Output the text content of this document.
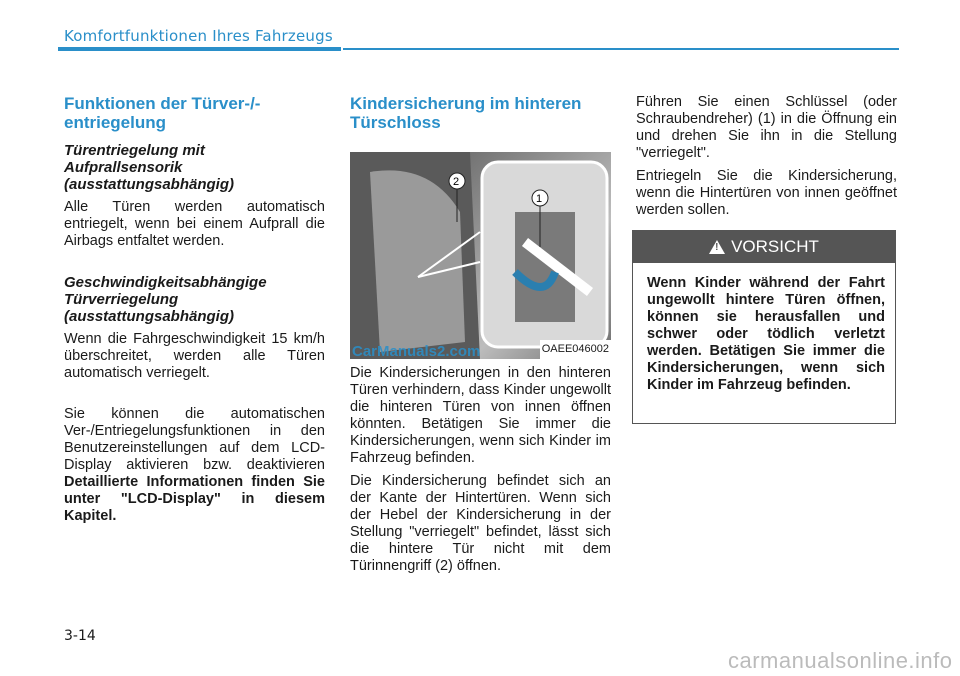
Komfortfunktionen Ihres Fahrzeugs
Funktionen der Türver-/-entriegelung
Türentriegelung mit Aufprallsensorik (ausstattungsabhängig)

Alle Türen werden automatisch entriegelt, wenn bei einem Aufprall die Airbags entfaltet werden.

Geschwindigkeitsabhängige Türverriegelung (ausstattungsabhängig)

Wenn die Fahrgeschwindigkeit 15 km/h überschreitet, werden alle Türen automatisch verriegelt.

Sie können die automatischen Ver-/Entriegelungsfunktionen in den Benutzereinstellungen auf dem LCD-Display aktivieren bzw. deaktivieren Detaillierte Informationen finden Sie unter "LCD-Display" in diesem Kapitel.

Kindersicherung im hinteren Türschloss
1
2
OAEE046002

Die Kindersicherungen in den hinteren Türen verhindern, dass Kinder ungewollt die hinteren Türen von innen öffnen könnten. Betätigen Sie immer die Kindersicherungen, wenn sich Kinder im Fahrzeug befinden.

Die Kindersicherung befindet sich an der Kante der Hintertüren. Wenn sich der Hebel der Kindersicherung in der Stellung "verriegelt" befindet, lässt sich die hintere Tür nicht mit dem Türinnengriff (2) öffnen.

Führen Sie einen Schlüssel (oder Schraubendreher) (1) in die Öffnung ein und drehen Sie ihn in die Stellung "verriegelt".

Entriegeln Sie die Kindersicherung, wenn die Hintertüren von innen geöffnet werden sollen.

! VORSICHT
Wenn Kinder während der Fahrt ungewollt hintere Türen öffnen, können sie herausfallen und schwer oder tödlich verletzt werden. Betätigen Sie immer die Kindersicherungen, wenn sich Kinder im Fahrzeug befinden.
CarManuals2.com
3-14
carmanualsonline.info
